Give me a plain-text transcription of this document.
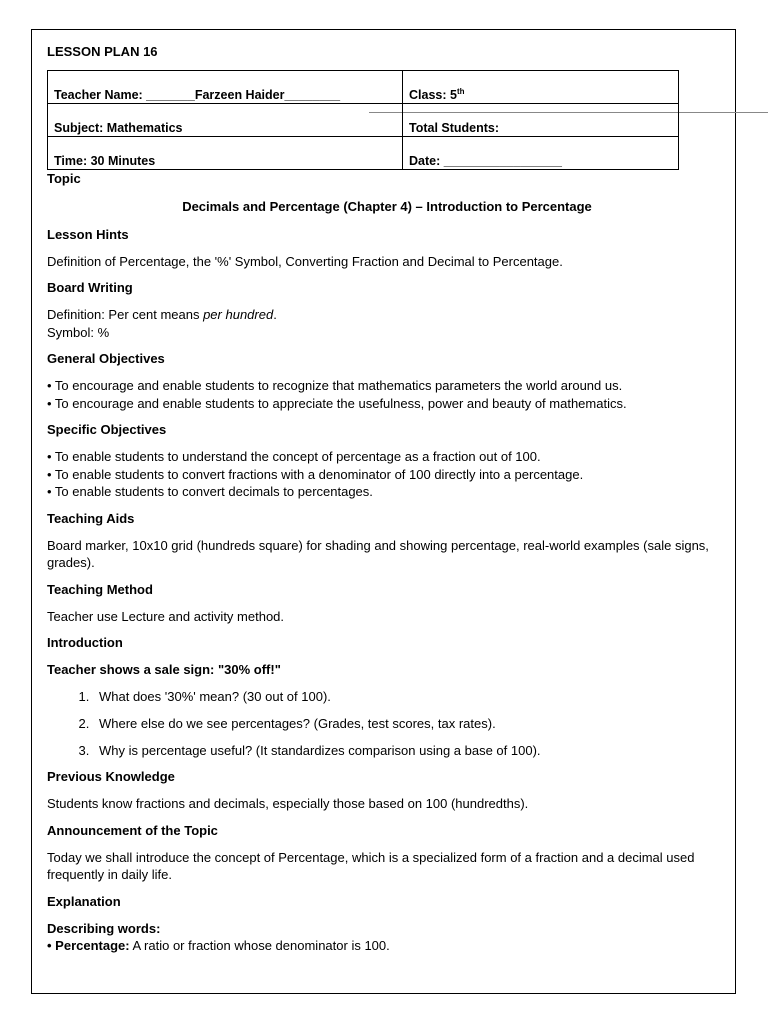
LESSON PLAN 16

Teacher Name: _______Farzeen Haider________	Class: 5th
Subject: Mathematics	Total Students:
Time: 30 Minutes	Date: _________________

Topic

Decimals and Percentage (Chapter 4) – Introduction to Percentage

Lesson Hints

Definition of Percentage, the '%' Symbol, Converting Fraction and Decimal to Percentage.

Board Writing

Definition: Per cent means per hundred.

Symbol: %

General Objectives

• To encourage and enable students to recognize that mathematics parameters the world around us.

• To encourage and enable students to appreciate the usefulness, power and beauty of mathematics.

Specific Objectives

• To enable students to understand the concept of percentage as a fraction out of 100.

• To enable students to convert fractions with a denominator of 100 directly into a percentage.

• To enable students to convert decimals to percentages.

Teaching Aids

Board marker, 10x10 grid (hundreds square) for shading and showing percentage, real-world examples (sale signs, grades).

Teaching Method

Teacher use Lecture and activity method.

Introduction

Teacher shows a sale sign: "30% off!"

1. What does '30%' mean? (30 out of 100).
2. Where else do we see percentages? (Grades, test scores, tax rates).
3. Why is percentage useful? (It standardizes comparison using a base of 100).

Previous Knowledge

Students know fractions and decimals, especially those based on 100 (hundredths).

Announcement of the Topic

Today we shall introduce the concept of Percentage, which is a specialized form of a fraction and a decimal used frequently in daily life.

Explanation

Describing words:

• Percentage: A ratio or fraction whose denominator is 100.
